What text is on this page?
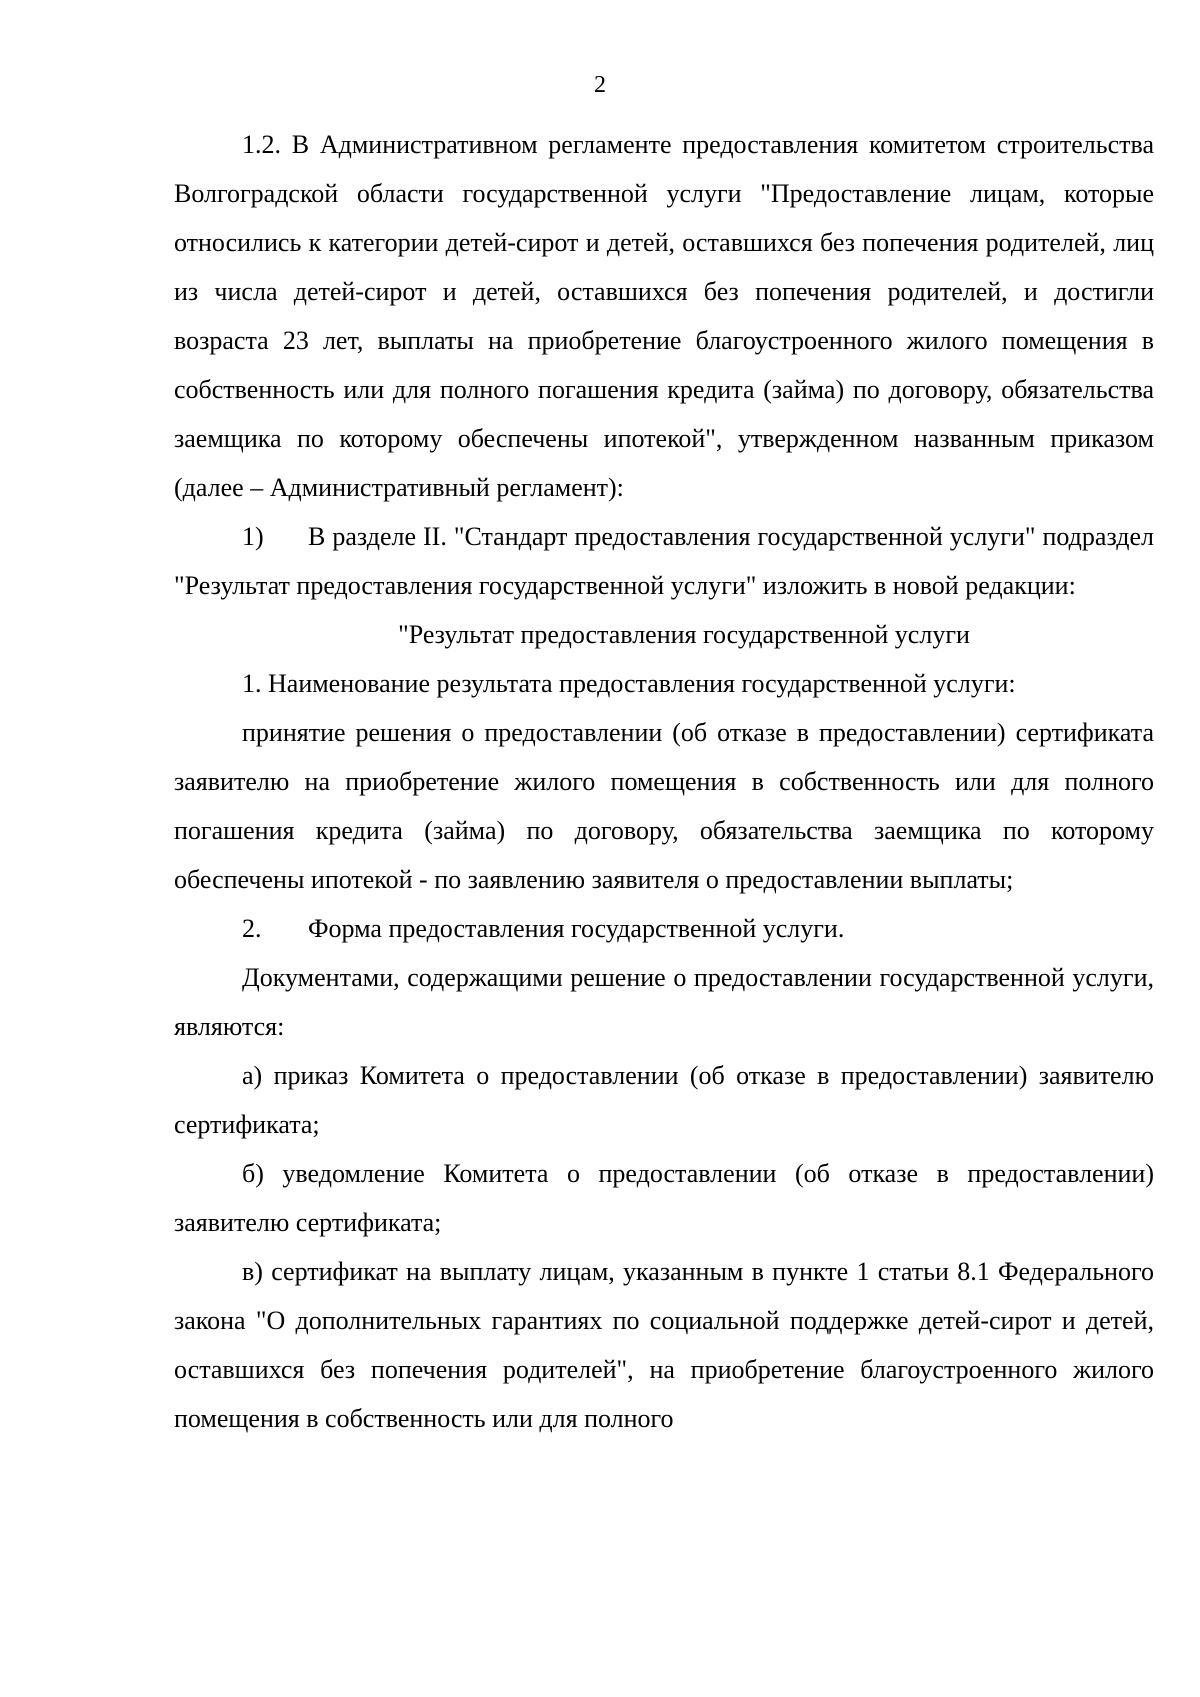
2

1.2. В Административном регламенте предоставления комитетом строительства Волгоградской области государственной услуги "Предоставление лицам, которые относились к категории детей-сирот и детей, оставшихся без попечения родителей, лиц из числа детей-сирот и детей, оставшихся без попечения родителей, и достигли возраста 23 лет, выплаты на приобретение благоустроенного жилого помещения в собственность или для полного погашения кредита (займа) по договору, обязательства заемщика по которому обеспечены ипотекой", утвержденном названным приказом (далее – Административный регламент):

1) В разделе II. "Стандарт предоставления государственной услуги" подраздел "Результат предоставления государственной услуги" изложить в новой редакции:

"Результат предоставления государственной услуги

1. Наименование результата предоставления государственной услуги:

принятие решения о предоставлении (об отказе в предоставлении) сертификата заявителю на приобретение жилого помещения в собственность или для полного погашения кредита (займа) по договору, обязательства заемщика по которому обеспечены ипотекой - по заявлению заявителя о предоставлении выплаты;

2. Форма предоставления государственной услуги.

Документами, содержащими решение о предоставлении государственной услуги, являются:

а) приказ Комитета о предоставлении (об отказе в предоставлении) заявителю сертификата;

б) уведомление Комитета о предоставлении (об отказе в предоставлении) заявителю сертификата;

в) сертификат на выплату лицам, указанным в пункте 1 статьи 8.1 Федерального закона "О дополнительных гарантиях по социальной поддержке детей-сирот и детей, оставшихся без попечения родителей", на приобретение благоустроенного жилого помещения в собственность или для полного
